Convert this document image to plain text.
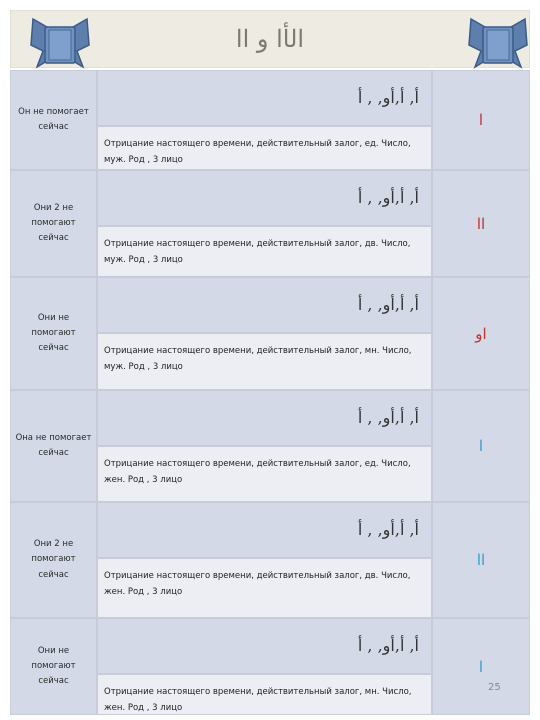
الأا و اا
Он не помогает сейчас
أ, أ,أو, , أ
Отрицание настоящего времени, действительный залог, ед. Число, муж. Род , 3 лицо
ا
Они 2 не помогают сейчас
أ, أ,أو, , أ
Отрицание настоящего времени, действительный залог, дв. Число, муж. Род , 3 лицо
اا
Они не помогают сейчас
أ, أ,أو, , أ
Отрицание настоящего времени, действительный залог, мн. Число, муж. Род , 3 лицо
او
Она не помогает сейчас
أ, أ,أو, , أ
Отрицание настоящего времени, действительный залог, ед. Число, жен. Род , 3 лицо
ا
Они 2 не помогают сейчас
أ, أ,أو, , أ
Отрицание настоящего времени, действительный залог, дв. Число, жен. Род , 3 лицо
اا
Они не помогают сейчас
أ, أ,أو, , أ
Отрицание настоящего времени, действительный залог, мн. Число, жен. Род , 3 лицо
ا
25
